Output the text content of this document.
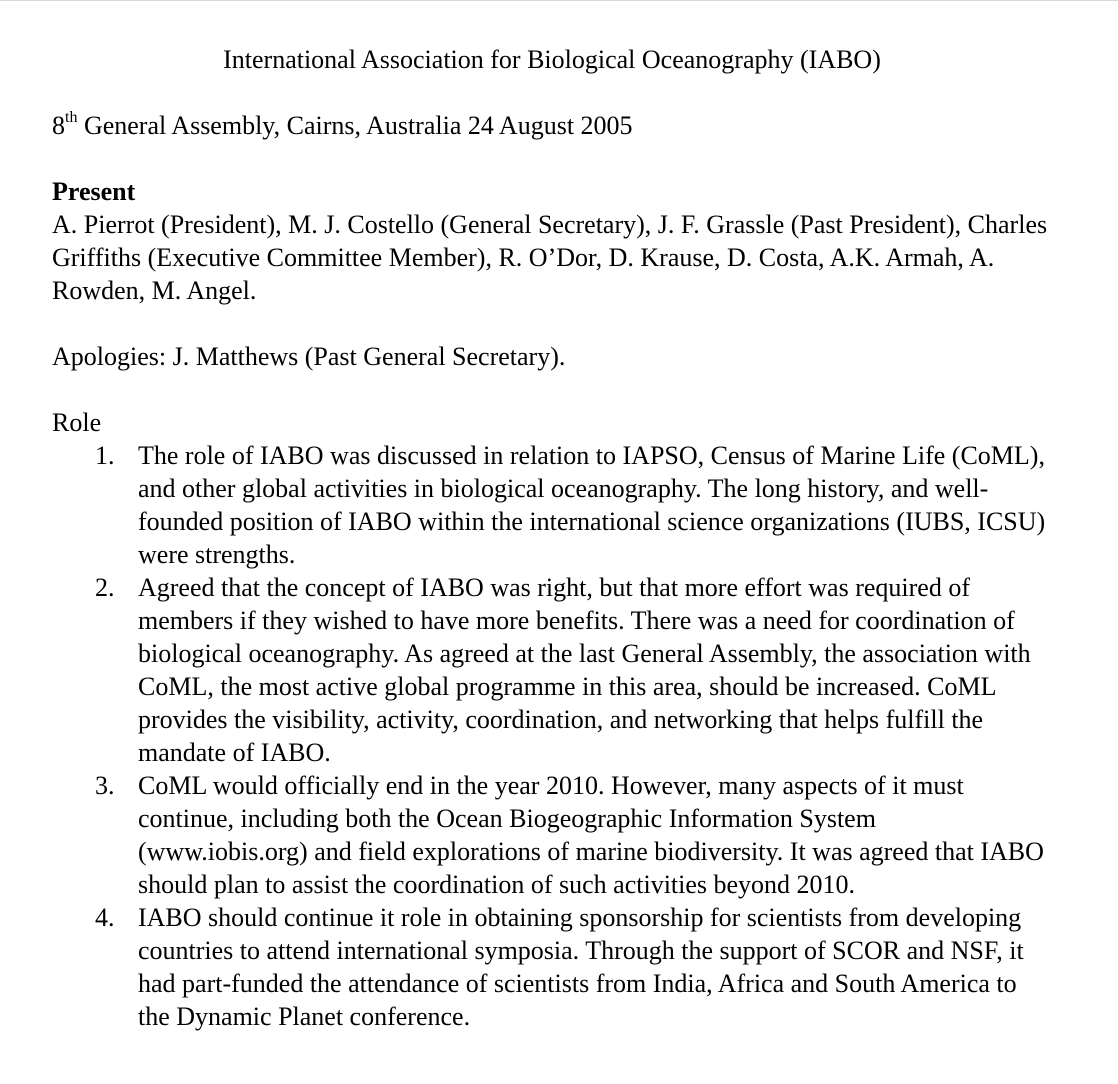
International Association for Biological Oceanography (IABO)
8th General Assembly, Cairns, Australia 24 August 2005
Present
A. Pierrot (President), M. J. Costello (General Secretary), J. F. Grassle (Past President), Charles Griffiths (Executive Committee Member), R. O’Dor, D. Krause, D. Costa, A.K. Armah, A. Rowden, M. Angel.
Apologies: J. Matthews (Past General Secretary).
Role
1. The role of IABO was discussed in relation to IAPSO, Census of Marine Life (CoML), and other global activities in biological oceanography. The long history, and well-founded position of IABO within the international science organizations (IUBS, ICSU) were strengths.
2. Agreed that the concept of IABO was right, but that more effort was required of members if they wished to have more benefits. There was a need for coordination of biological oceanography. As agreed at the last General Assembly, the association with CoML, the most active global programme in this area, should be increased. CoML provides the visibility, activity, coordination, and networking that helps fulfill the mandate of IABO.
3. CoML would officially end in the year 2010. However, many aspects of it must continue, including both the Ocean Biogeographic Information System (www.iobis.org) and field explorations of marine biodiversity. It was agreed that IABO should plan to assist the coordination of such activities beyond 2010.
4. IABO should continue it role in obtaining sponsorship for scientists from developing countries to attend international symposia. Through the support of SCOR and NSF, it had part-funded the attendance of scientists from India, Africa and South America to the Dynamic Planet conference.
